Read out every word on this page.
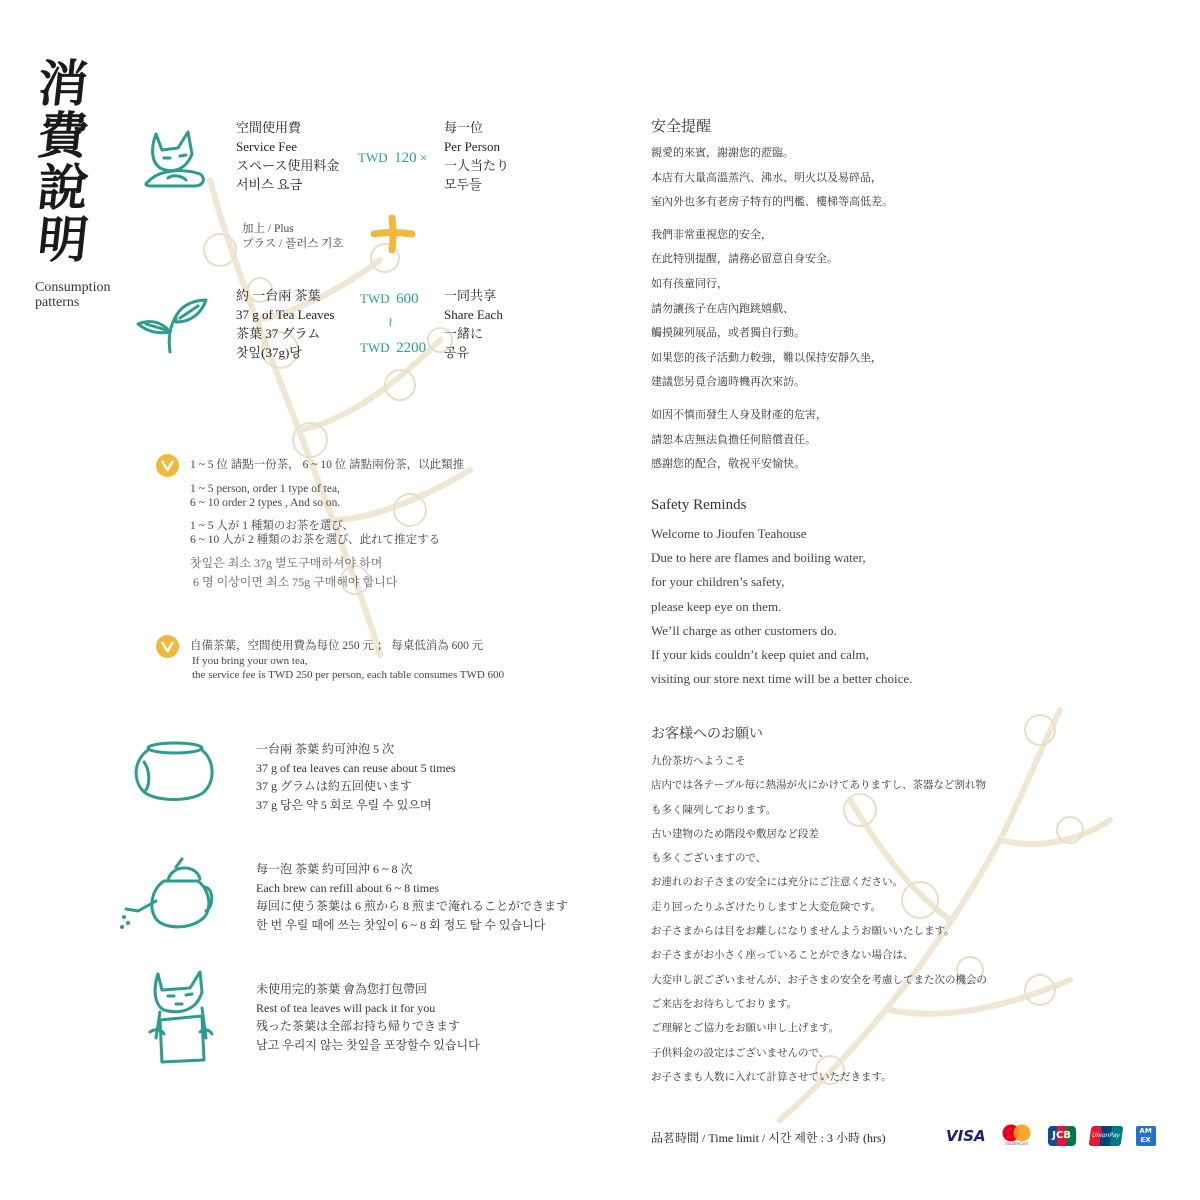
消
費
說
明
Consumption
patterns
空間使用費
Service Fee
スペース使用料金
서비스 요금
TWD 120 ×
每一位
Per Person
一人当たり
모두들
加上 / Plus
プラス / 플러스 기호
約 一台兩 茶葉
37 g of Tea Leaves
茶葉 37 グラム
찻잎(37g)당
TWD 600
≀
TWD 2200
一同共享
Share Each
一緒に
공유
1 ~ 5 位 請點一份茶， 6 ~ 10 位 請點兩份茶，以此類推
1 ~ 5 person, order 1 type of tea,
6 ~ 10 order 2 types , And so on.
1 ~ 5 人が 1 種類のお茶を選び、
6 ~ 10 人が 2 種類のお茶を選び、此れて推定する
찻잎은 최소 37g 별도구매하셔야 하며
6 명 이상이면 최소 75g 구매해야 합니다
自備茶葉，空間使用費為每位 250 元 ； 每桌低消為 600 元
If you bring your own tea,
the service fee is TWD 250 per person, each table consumes TWD 600
一台兩 茶葉 約可沖泡 5 次
37 g of tea leaves can reuse about 5 times
37 g グラムは約五回使います
37 g 당은 약 5 회로 우릴 수 있으며
每一泡 茶葉 約可回沖 6 ~ 8 次
Each brew can refill about 6 ~ 8 times
毎回に使う茶葉は 6 煎から 8 煎まで淹れることができます
한 번 우릴 때에 쓰는 찻잎이 6 ~ 8 회 정도 탈 수 있습니다
未使用完的茶葉 會為您打包帶回
Rest of tea leaves will pack it for you
残った茶葉は全部お持ち帰りできます
남고 우리지 않는 찻잎을 포장할수 있습니다
安全提醒
親愛的來賓，謝謝您的蒞臨。
本店有大量高溫蒸汽、沸水、明火以及易碎品，
室內外也多有老房子特有的門檻、樓梯等高低差。
我們非常重視您的安全，
在此特別提醒，請務必留意自身安全。
如有孩童同行，
請勿讓孩子在店內跑跳嬉戲、
觸摸陳列展品，或者獨自行動。
如果您的孩子活動力較強，難以保持安靜久坐，
建議您另覓合適時機再次來訪。
如因不慎而發生人身及財產的危害，
請恕本店無法負擔任何賠償責任。
感謝您的配合，敬祝平安愉快。
Safety Reminds
Welcome to Jioufen Teahouse
Due to here are flames and boiling water,
for your children’s safety,
please keep eye on them.
We’ll charge as other customers do.
If your kids couldn’t keep quiet and calm,
visiting our store next time will be a better choice.
お客様へのお願い
九份茶坊へようこそ
店内では各テーブル毎に熱湯が火にかけてありますし、茶器など割れ物
も多く陳列しております。
古い建物のため階段や敷居など段差
も多くございますので、
お連れのお子さまの安全には充分にご注意ください。
走り回ったりふざけたりしますと大変危険です。
お子さまからは目をお離しになりませんようお願いいたします。
お子さまがお小さく座っていることができない場合は、
大変申し訳ございませんが、お子さまの安全を考慮してまた次の機会の
ご来店をお待ちしております。
ご理解とご協力をお願い申し上げます。
子供料金の設定はございませんので、
お子さまも人数に入れて計算させていただきます。
品茗時間 / Time limit / 시간 제한 : 3 小時 (hrs)	VISA	mastercard
JCB	UnionPay AM EX
